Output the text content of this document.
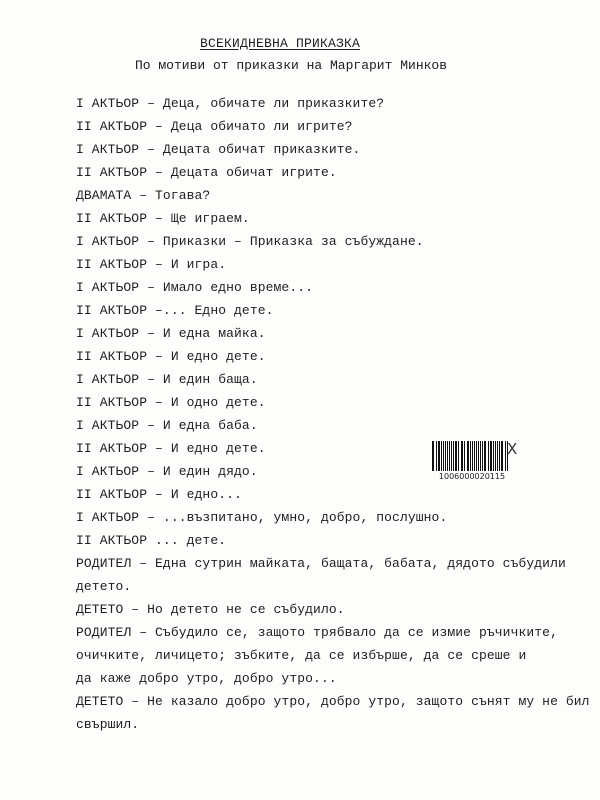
ВСЕКИДНЕВНА ПРИКАЗКА
По мотиви от приказки на Маргарит Минков
I АКТЬОР – Деца, обичате ли приказките?
II АКТЬОР – Деца обичато ли игрите?
I АКТЬОР – Децата обичат приказките.
II АКТЬОР – Децата обичат игрите.
ДВАМАТА – Тогава?
II АКТЬОР – Ще играем.
I АКТЬОР – Приказки – Приказка за събуждане.
II АКТЬОР – И игра.
I АКТЬОР – Имало едно време...
II АКТЬОР –... Едно дете.
I АКТЬОР – И една майка.
II АКТЬОР – И едно дете.
I АКТЬОР – И един баща.
II АКТЬОР – И одно дете.
I АКТЬОР – И една баба.
II АКТЬОР – И едно дете.
I АКТЬОР – И един дядо.
II АКТЬОР – И едно...
I АКТЬОР – ...възпитано, умно, добро, послушно.
II АКТЬОР ... дете.
РОДИТЕЛ – Една сутрин майката, бащата, бабата, дядото събудили
детето.
ДЕТЕТО – Но детето не се събудило.
РОДИТЕЛ – Събудило се, защото трябвало да се измие ръчичките,
очичките, личицето; зъбките, да се избърше, да се среше и
да каже добро утро, добро утро...
ДЕТЕТО – Не казало добро утро, добро утро, защото сънят му не бил
свършил.
1006000020115
X
